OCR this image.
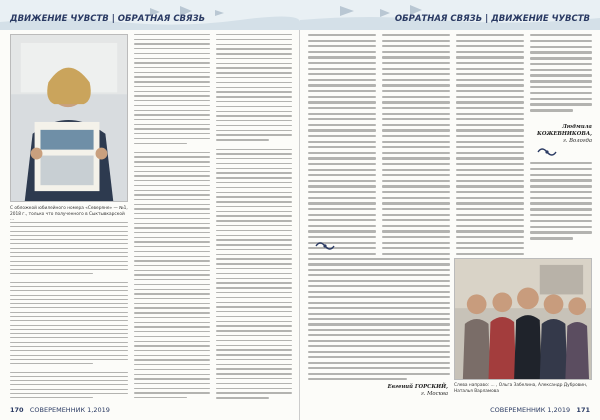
ДВИЖЕНИЕ ЧУВСТВ | ОБРАТНАЯ СВЯЗЬ
С обложкой юбилейного номера «Северяне» — №1, 2018 г., только что полученного в Сыктывкарской ...
170 СОВЕРЕМЕННИК 1,2019
ОБРАТНАЯ СВЯЗЬ | ДВИЖЕНИЕ ЧУВСТВ
Людмила КОЖЕВНИКОВА,
г. Вологда
Евгений ГОРСКИЙ,
г. Москва
Слева направо: ... , Ольга Забелина, Александр Дубровин, Наталья Варламова
СОВЕРЕМЕННИК 1,2019 171
